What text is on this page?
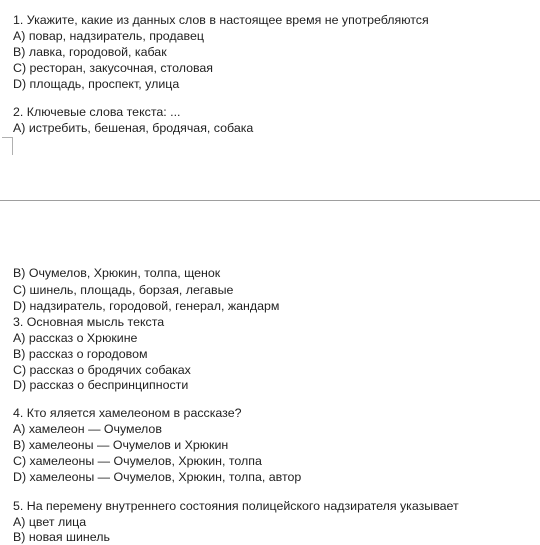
1. Укажите, какие из данных слов в настоящее время не употребляются
A) повар, надзиратель, продавец
B) лавка, городовой, кабак
C) ресторан, закусочная, столовая
D) площадь, проспект, улица
2. Ключевые слова текста: ...
A) истребить, бешеная, бродячая, собака
B) Очумелов, Хрюкин, толпа, щенок
C) шинель, площадь, борзая, легавые
D) надзиратель, городовой, генерал, жандарм
3. Основная мысль текста
A) рассказ о Хрюкине
B) рассказ о городовом
C) рассказ о бродячих собаках
D) рассказ о беспринципности
4. Кто яляется хамелеоном в рассказе?
A) хамелеон — Очумелов
B) хамелеоны — Очумелов и Хрюкин
C) хамелеоны — Очумелов, Хрюкин, толпа
D) хамелеоны — Очумелов, Хрюкин, толпа, автор
5. На перемену внутреннего состояния полицейского надзирателя указывает
A) цвет лица
B) новая шинель
